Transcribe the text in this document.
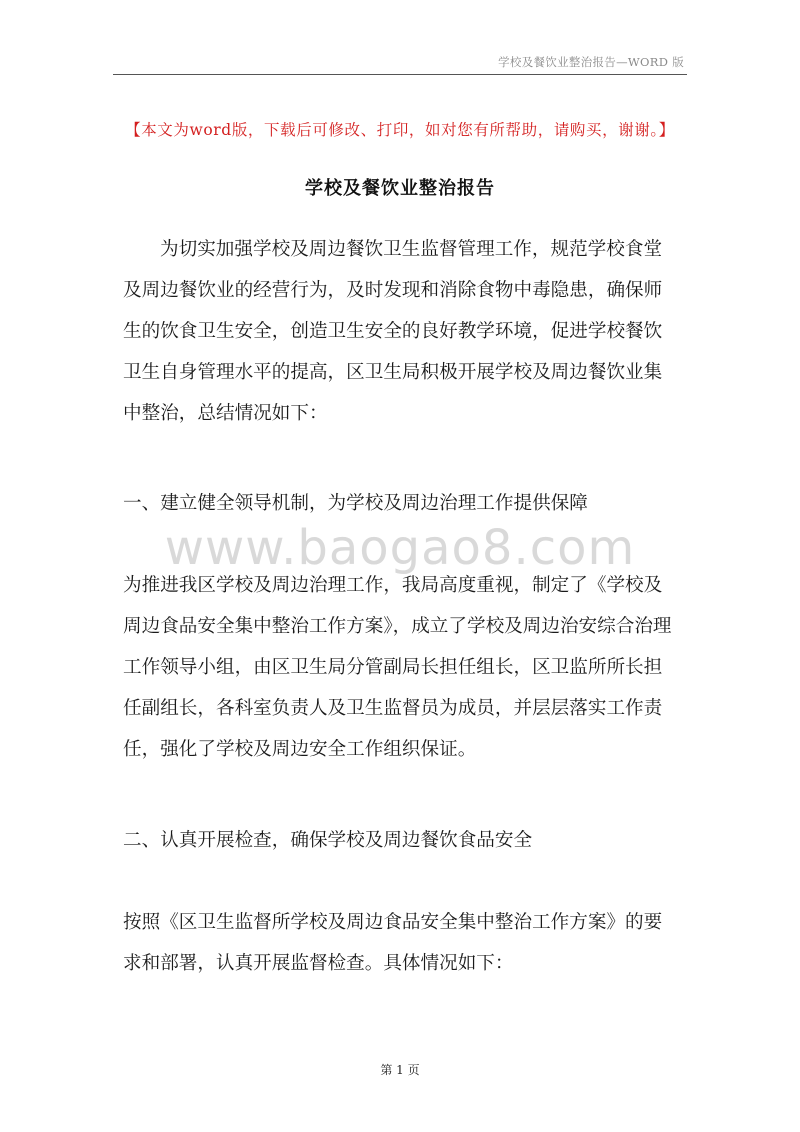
学校及餐饮业整治报告—WORD 版
【本文为word版，下载后可修改、打印，如对您有所帮助，请购买，谢谢。】
学校及餐饮业整治报告

为切实加强学校及周边餐饮卫生监督管理工作，规范学校食堂及周边餐饮业的经营行为，及时发现和消除食物中毒隐患，确保师生的饮食卫生安全，创造卫生安全的良好教学环境，促进学校餐饮卫生自身管理水平的提高，区卫生局积极开展学校及周边餐饮业集中整治，总结情况如下：

一、建立健全领导机制，为学校及周边治理工作提供保障

www.baogao8.com

为推进我区学校及周边治理工作，我局高度重视，制定了《学校及周边食品安全集中整治工作方案》，成立了学校及周边治安综合治理工作领导小组，由区卫生局分管副局长担任组长，区卫监所所长担任副组长，各科室负责人及卫生监督员为成员，并层层落实工作责任，强化了学校及周边安全工作组织保证。

二、认真开展检查，确保学校及周边餐饮食品安全

按照《区卫生监督所学校及周边食品安全集中整治工作方案》的要求和部署，认真开展监督检查。具体情况如下：

第 1 页
